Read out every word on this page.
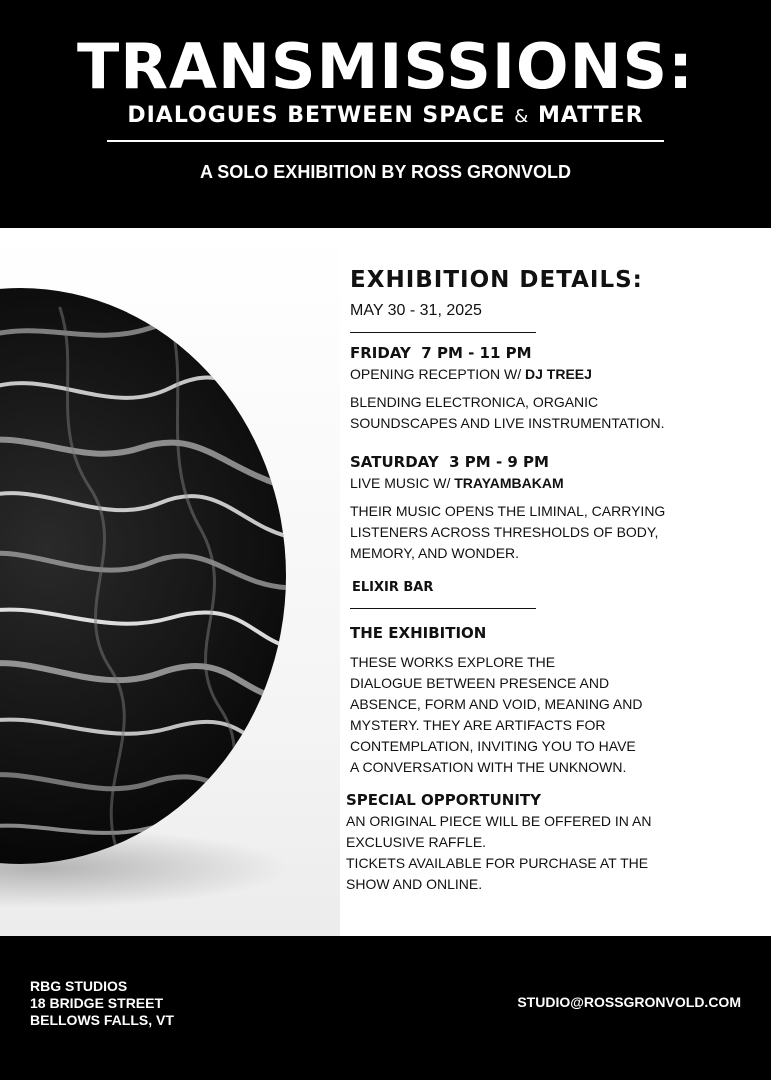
TRANSMISSIONS:
DIALOGUES BETWEEN SPACE & MATTER
A SOLO EXHIBITION BY ROSS GRONVOLD
EXHIBITION DETAILS:
MAY 30 - 31, 2025
FRIDAY  7 PM - 11 PM
OPENING RECEPTION W/ DJ TREEJ
BLENDING ELECTRONICA, ORGANIC
SOUNDSCAPES AND LIVE INSTRUMENTATION.
SATURDAY  3 PM - 9 PM
LIVE MUSIC W/ TRAYAMBAKAM
THEIR MUSIC OPENS THE LIMINAL, CARRYING
LISTENERS ACROSS THRESHOLDS OF BODY,
MEMORY, AND WONDER.
ELIXIR BAR
THE EXHIBITION
THESE WORKS EXPLORE THE
DIALOGUE BETWEEN PRESENCE AND
ABSENCE, FORM AND VOID, MEANING AND
MYSTERY. THEY ARE ARTIFACTS FOR
CONTEMPLATION, INVITING YOU TO HAVE
A CONVERSATION WITH THE UNKNOWN.
SPECIAL OPPORTUNITY
AN ORIGINAL PIECE WILL BE OFFERED IN AN
EXCLUSIVE RAFFLE.
TICKETS AVAILABLE FOR PURCHASE AT THE
SHOW AND ONLINE.
RBG STUDIOS
18 BRIDGE STREET
BELLOWS FALLS, VT
STUDIO@ROSSGRONVOLD.COM
